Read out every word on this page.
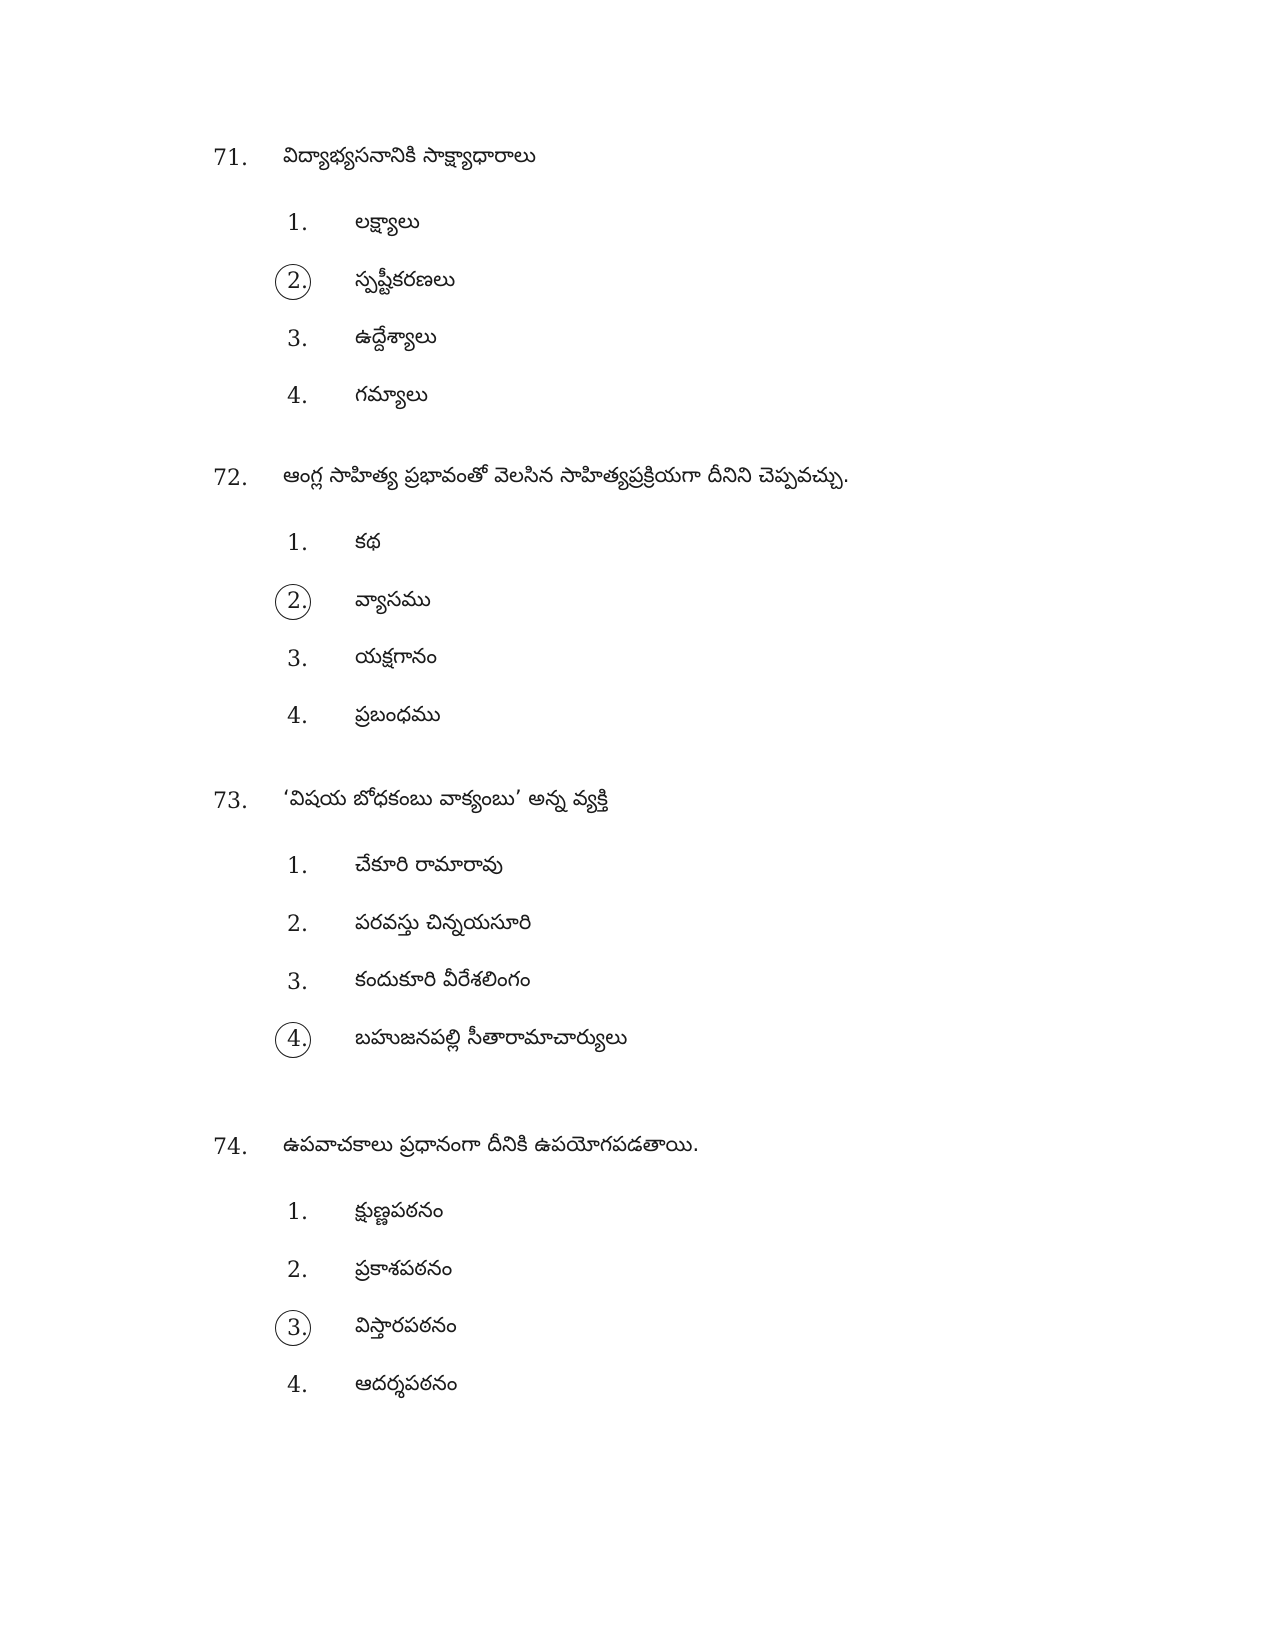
71.	విద్యాభ్యసనానికి సాక్ష్యాధారాలు
1.	లక్ష్యాలు
2.	స్పష్టీకరణలు
3.	ఉద్దేశ్యాలు
4.	గమ్యాలు
72.	ఆంగ్ల సాహిత్య ప్రభావంతో వెలసిన సాహిత్యప్రక్రియగా దీనిని చెప్పవచ్చు.
1.	కథ
2.	వ్యాసము
3.	యక్షగానం
4.	ప్రబంధము
73.	‘విషయ బోధకంబు వాక్యంబు’ అన్న వ్యక్తి
1.	చేకూరి రామారావు
2.	పరవస్తు చిన్నయసూరి
3.	కందుకూరి వీరేశలింగం
4.	బహుజనపల్లి సీతారామాచార్యులు
74.	ఉపవాచకాలు ప్రధానంగా దీనికి ఉపయోగపడతాయి.
1.	క్షుణ్ణపఠనం
2.	ప్రకాశపఠనం
3.	విస్తారపఠనం
4.	ఆదర్శపఠనం
